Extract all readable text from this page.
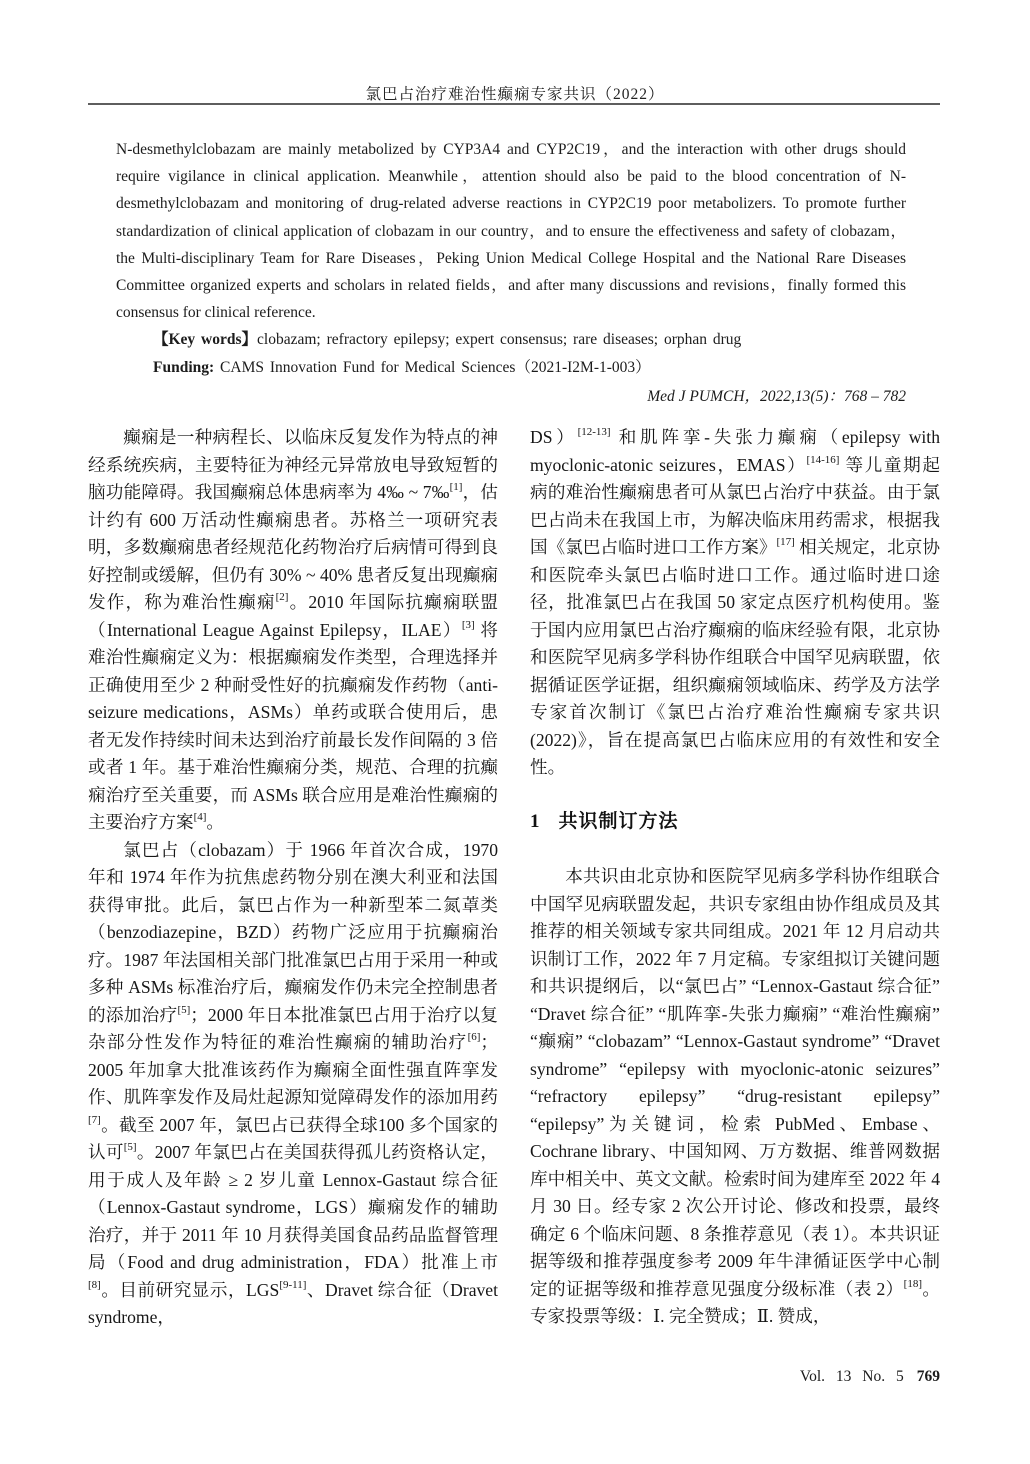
氯巴占治疗难治性癫痫专家共识（2022）

N-desmethylclobazam are mainly metabolized by CYP3A4 and CYP2C19，and the interaction with other drugs should require vigilance in clinical application. Meanwhile，attention should also be paid to the blood concentration of N-desmethylclobazam and monitoring of drug-related adverse reactions in CYP2C19 poor metabolizers. To promote further standardization of clinical application of clobazam in our country，and to ensure the effectiveness and safety of clobazam，the Multi-disciplinary Team for Rare Diseases，Peking Union Medical College Hospital and the National Rare Diseases Committee organized experts and scholars in related fields，and after many discussions and revisions，finally formed this consensus for clinical reference.

【Key words】clobazam; refractory epilepsy; expert consensus; rare diseases; orphan drug

Funding: CAMS Innovation Fund for Medical Sciences（2021-I2M-1-003）

Med J PUMCH，2022,13(5)：768 – 782

癫痫是一种病程长、以临床反复发作为特点的神经系统疾病，主要特征为神经元异常放电导致短暂的脑功能障碍。我国癫痫总体患病率为 4‰ ~ 7‰[1]，估计约有 600 万活动性癫痫患者。苏格兰一项研究表明，多数癫痫患者经规范化药物治疗后病情可得到良好控制或缓解，但仍有 30% ~ 40% 患者反复出现癫痫发作，称为难治性癫痫[2]。2010 年国际抗癫痫联盟（International League Against Epilepsy，ILAE）[3] 将难治性癫痫定义为：根据癫痫发作类型，合理选择并正确使用至少 2 种耐受性好的抗癫痫发作药物（anti-seizure medications，ASMs）单药或联合使用后，患者无发作持续时间未达到治疗前最长发作间隔的 3 倍或者 1 年。基于难治性癫痫分类，规范、合理的抗癫痫治疗至关重要，而 ASMs 联合应用是难治性癫痫的主要治疗方案[4]。

氯巴占（clobazam）于 1966 年首次合成，1970 年和 1974 年作为抗焦虑药物分别在澳大利亚和法国获得审批。此后，氯巴占作为一种新型苯二氮䓬类（benzodiazepine，BZD）药物广泛应用于抗癫痫治疗。1987 年法国相关部门批准氯巴占用于采用一种或多种 ASMs 标准治疗后，癫痫发作仍未完全控制患者的添加治疗[5]；2000 年日本批准氯巴占用于治疗以复杂部分性发作为特征的难治性癫痫的辅助治疗[6]；2005 年加拿大批准该药作为癫痫全面性强直阵挛发作、肌阵挛发作及局灶起源知觉障碍发作的添加用药[7]。截至 2007 年，氯巴占已获得全球100 多个国家的认可[5]。2007 年氯巴占在美国获得孤儿药资格认定，用于成人及年龄 ≥ 2 岁儿童 Lennox-Gastaut 综合征（Lennox-Gastaut syndrome，LGS）癫痫发作的辅助治疗，并于 2011 年 10 月获得美国食品药品监督管理局（Food and drug administration，FDA）批准上市[8]。目前研究显示，LGS[9-11]、Dravet 综合征（Dravet syndrome，

DS）[12-13] 和肌阵挛-失张力癫痫（epilepsy with myoclonic-atonic seizures，EMAS）[14-16] 等儿童期起病的难治性癫痫患者可从氯巴占治疗中获益。由于氯巴占尚未在我国上市，为解决临床用药需求，根据我国《氯巴占临时进口工作方案》[17] 相关规定，北京协和医院牵头氯巴占临时进口工作。通过临时进口途径，批准氯巴占在我国 50 家定点医疗机构使用。鉴于国内应用氯巴占治疗癫痫的临床经验有限，北京协和医院罕见病多学科协作组联合中国罕见病联盟，依据循证医学证据，组织癫痫领域临床、药学及方法学专家首次制订《氯巴占治疗难治性癫痫专家共识(2022)》，旨在提高氯巴占临床应用的有效性和安全性。

1 共识制订方法

本共识由北京协和医院罕见病多学科协作组联合中国罕见病联盟发起，共识专家组由协作组成员及其推荐的相关领域专家共同组成。2021 年 12 月启动共识制订工作，2022 年 7 月定稿。专家组拟订关键问题和共识提纲后，以“氯巴占” “Lennox-Gastaut 综合征” “Dravet 综合征” “肌阵挛-失张力癫痫” “难治性癫痫” “癫痫” “clobazam” “Lennox-Gastaut syndrome” “Dravet syndrome” “epilepsy with myoclonic-atonic seizures” “refractory epilepsy” “drug-resistant epilepsy” “epilepsy”为关键词，检索 PubMed、Embase、Cochrane library、中国知网、万方数据、维普网数据库中相关中、英文文献。检索时间为建库至 2022 年 4 月 30 日。经专家 2 次公开讨论、修改和投票，最终确定 6 个临床问题、8 条推荐意见（表 1）。本共识证据等级和推荐强度参考 2009 年牛津循证医学中心制定的证据等级和推荐意见强度分级标准（表 2）[18]。专家投票等级：Ⅰ. 完全赞成；Ⅱ. 赞成，

Vol. 13 No. 5 769
